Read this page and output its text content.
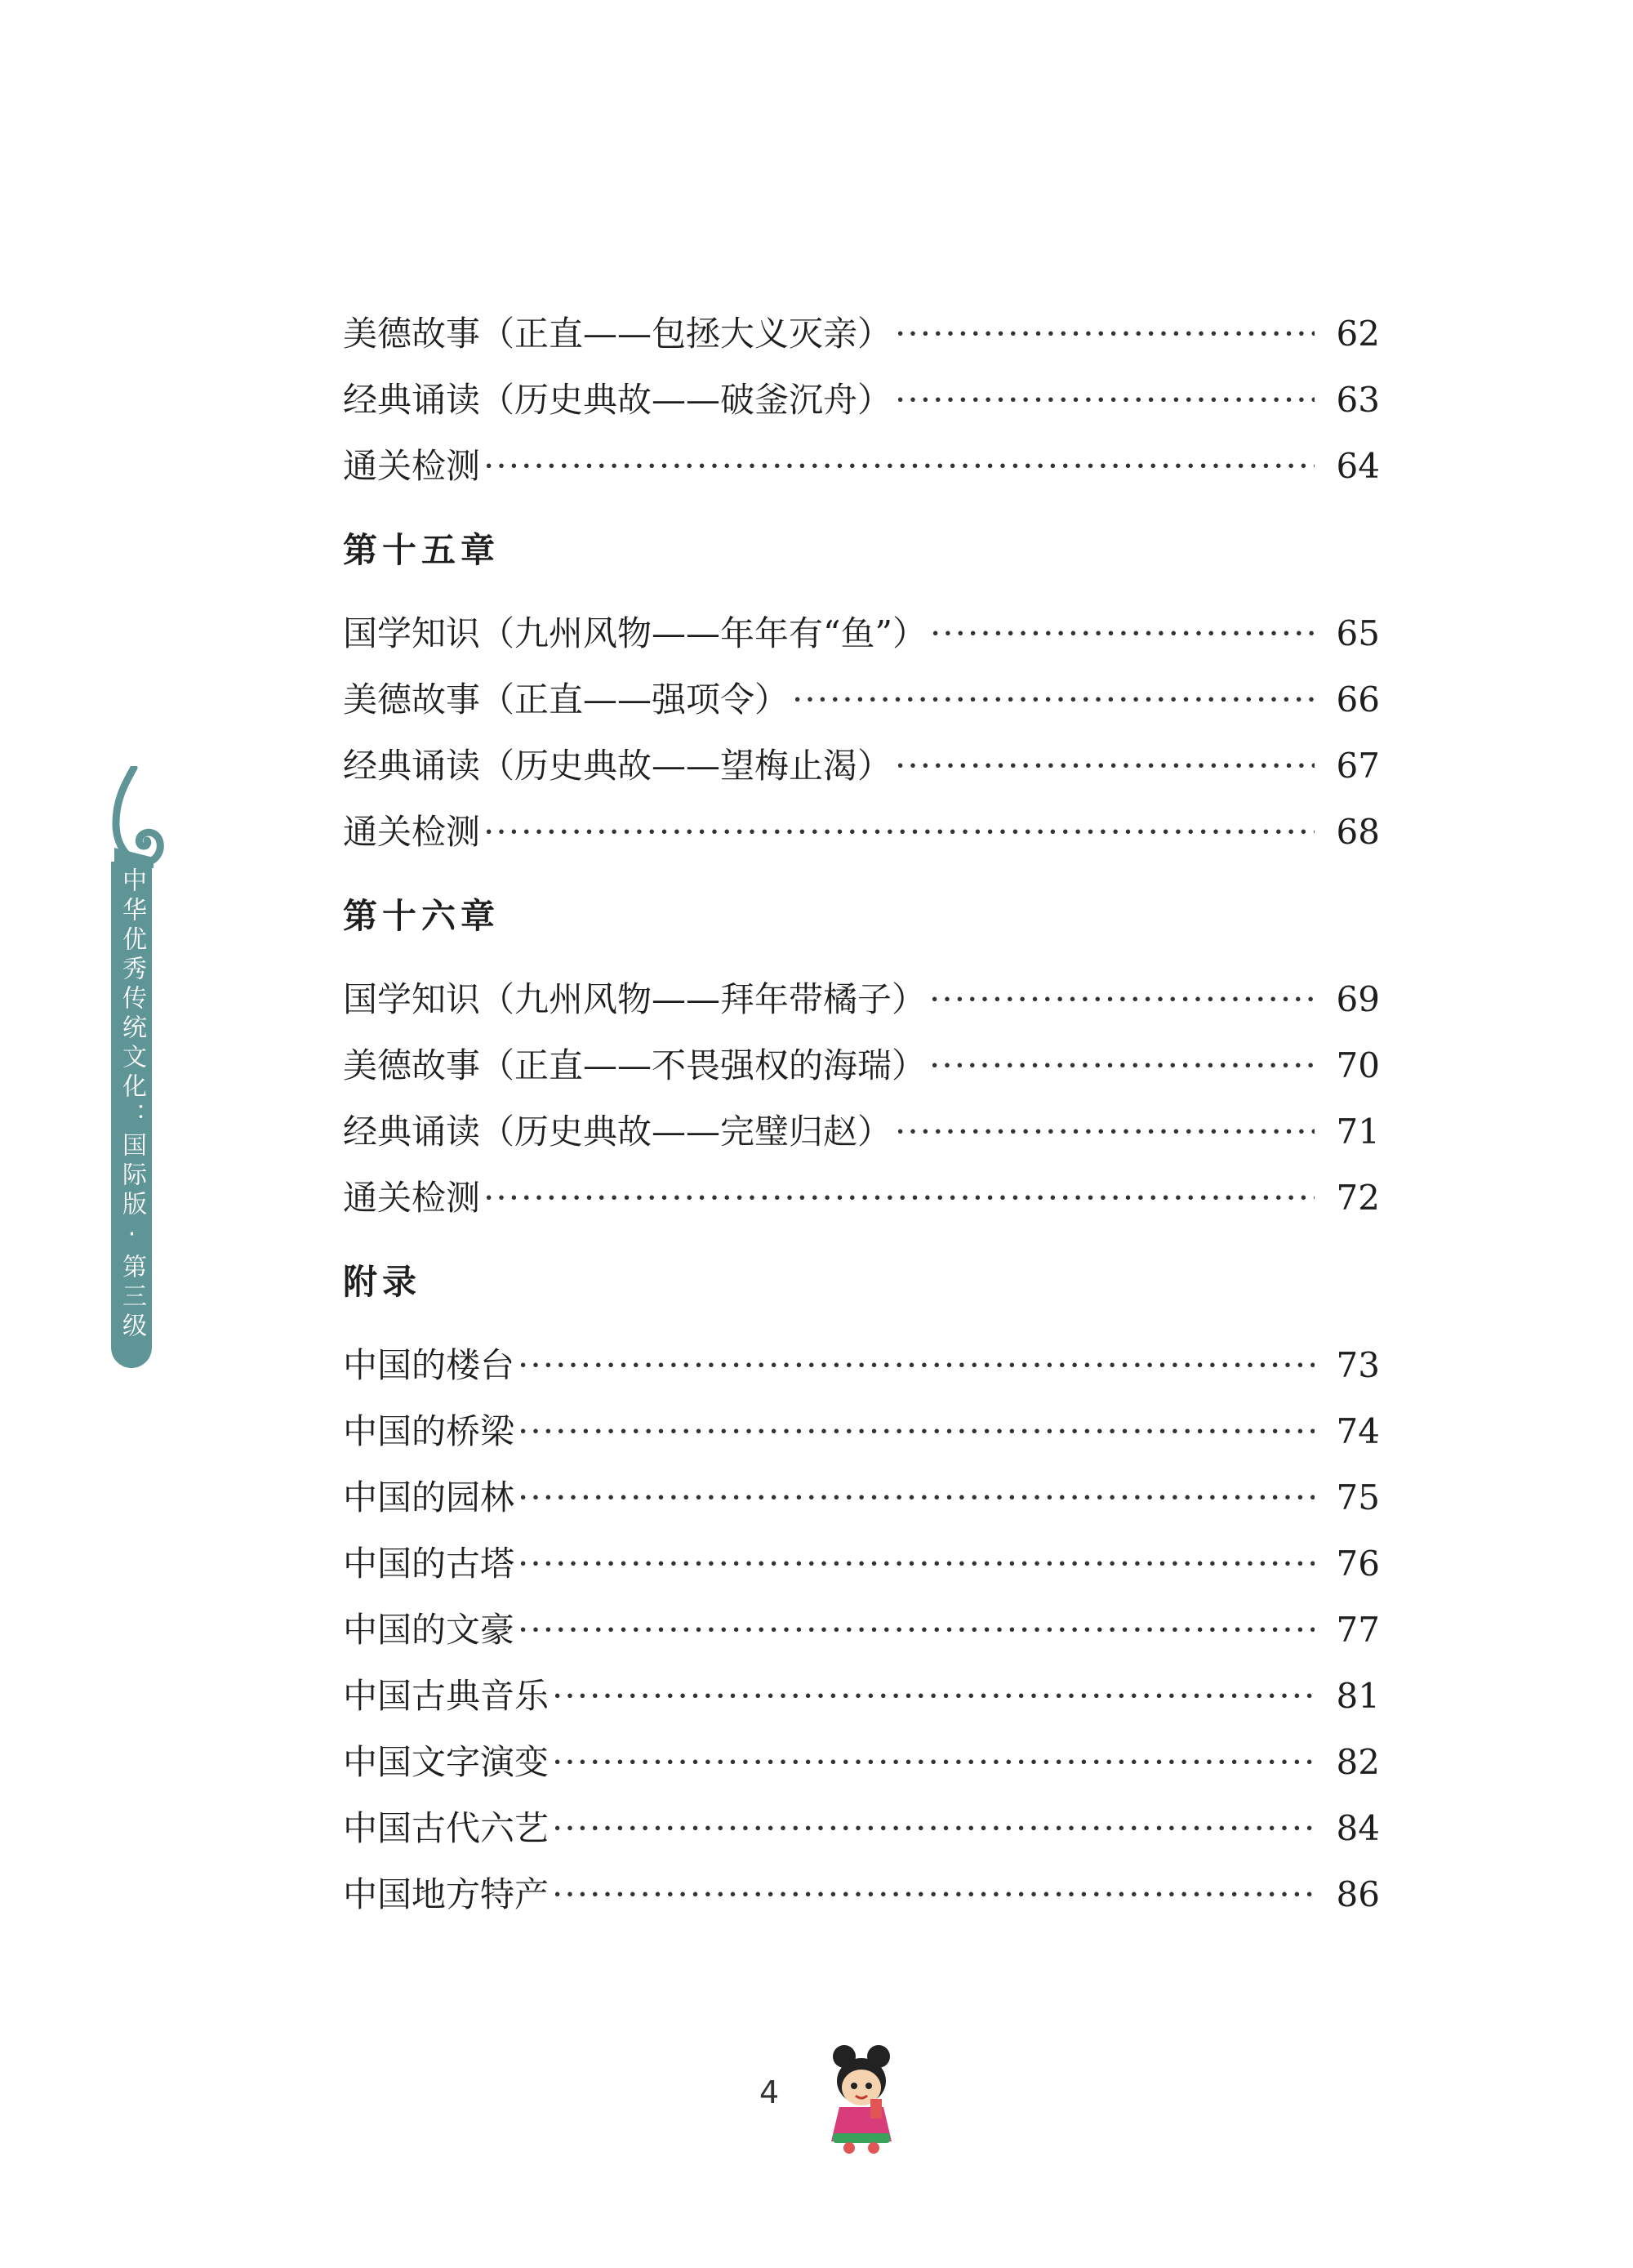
中华优秀传统文化：国际版·第三级
美德故事（正直——包拯大义灭亲） ·····	62
经典诵读（历史典故——破釜沉舟） ·····	63
通关检测 ·····	64
第十五章
国学知识（九州风物——年年有“鱼”） ·····	65
美德故事（正直——强项令） ·····	66
经典诵读（历史典故——望梅止渴） ·····	67
通关检测 ·····	68
第十六章
国学知识（九州风物——拜年带橘子） ·····	69
美德故事（正直——不畏强权的海瑞） ·····	70
经典诵读（历史典故——完璧归赵） ·····	71
通关检测 ·····	72
附录
中国的楼台 ·····	73
中国的桥梁 ·····	74
中国的园林 ·····	75
中国的古塔 ·····	76
中国的文豪 ·····	77
中国古典音乐 ·····	81
中国文字演变 ·····	82
中国古代六艺 ·····	84
中国地方特产 ·····	86
4
